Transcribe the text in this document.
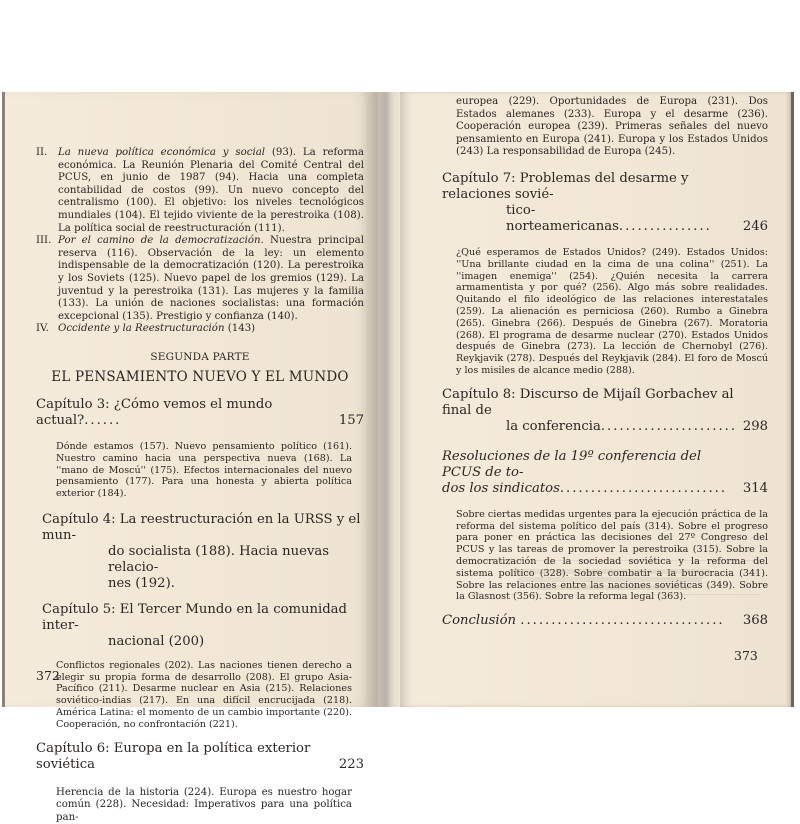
II. La nueva política económica y social (93). La reforma económica. La Reunión Plenaria del Comité Central del PCUS, en junio de 1987 (94). Hacia una completa contabilidad de costos (99). Un nuevo concepto del centralismo (100). El objetivo: los niveles tecnológicos mundiales (104). El tejido viviente de la perestroika (108). La política social de reestructuración (111).
III. Por el camino de la democratización. Nuestra principal reserva (116). Observación de la ley: un elemento indispensable de la democratización (120). La perestroika y los Soviets (125). Nuevo papel de los gremios (129). La juventud y la perestroika (131). Las mujeres y la familia (133). La unión de naciones socialistas: una formación excepcional (135). Prestigio y confianza (140).
IV. Occidente y la Reestructuración (143)
SEGUNDA PARTE
EL PENSAMIENTO NUEVO Y EL MUNDO
Capítulo 3: ¿Cómo vemos el mundo actual?......	157
Dónde estamos (157). Nuevo pensamiento político (161). Nuestro camino hacia una perspectiva nueva (168). La ''mano de Moscú'' (175). Efectos internacionales del nuevo pensamiento (177). Para una honesta y abierta política exterior (184).
Capítulo 4: La reestructuración en la URSS y el mun-
do socialista (188). Hacia nuevas relacio-
nes (192).
Capítulo 5: El Tercer Mundo en la comunidad inter-
nacional (200)
Conflictos regionales (202). Las naciones tienen derecho a elegir su propia forma de desarrollo (208). El grupo Asia-Pacífico (211). Desarme nuclear en Asia (215). Relaciones soviético-indias (217). En una difícil encrucijada (218). América Latina: el momento de un cambio importante (220). Cooperación, no confrontación (221).
Capítulo 6: Europa en la política exterior soviética	223
Herencia de la historia (224). Europa es nuestro hogar común (228). Necesidad: Imperativos para una política pan-
372
europea (229). Oportunidades de Europa (231). Dos Estados alemanes (233). Europa y el desarme (236). Cooperación europea (239). Primeras señales del nuevo pensamiento en Europa (241). Europa y los Estados Unidos (243) La responsabilidad de Europa (245).
Capítulo 7: Problemas del desarme y relaciones sovié-
tico-norteamericanas...............	246
¿Qué esperamos de Estados Unidos? (249). Estados Unidos: ''Una brillante ciudad en la cima de una colina'' (251). La ''imagen enemiga'' (254). ¿Quién necesita la carrera armamentista y por qué? (256). Algo más sobre realidades. Quitando el filo ideológico de las relaciones interestatales (259). La alienación es perniciosa (260). Rumbo a Ginebra (265). Ginebra (266). Después de Ginebra (267). Moratoria (268). El programa de desarme nuclear (270). Estados Unidos después de Ginebra (273). La lección de Chernobyl (276). Reykjavik (278). Después del Reykjavik (284). El foro de Moscú y los misiles de alcance medio (288).
Capítulo 8: Discurso de Mijaíl Gorbachev al final de
la conferencia...................... 298
Resoluciones de la 19º conferencia del PCUS de to-
dos los sindicatos...........................	314
Sobre ciertas medidas urgentes para la ejecución práctica de la reforma del sistema político del país (314). Sobre el progreso para poner en práctica las decisiones del 27º Congreso del PCUS y las tareas de promover la perestroika (315). Sobre la democratización de la sociedad soviética y la reforma del sistema político (328). Sobre combatir a la burocracia (341). Sobre las relaciones entre las naciones soviéticas (349). Sobre la Glasnost (356). Sobre la reforma legal (363).
Conclusión ................................. 368
373
